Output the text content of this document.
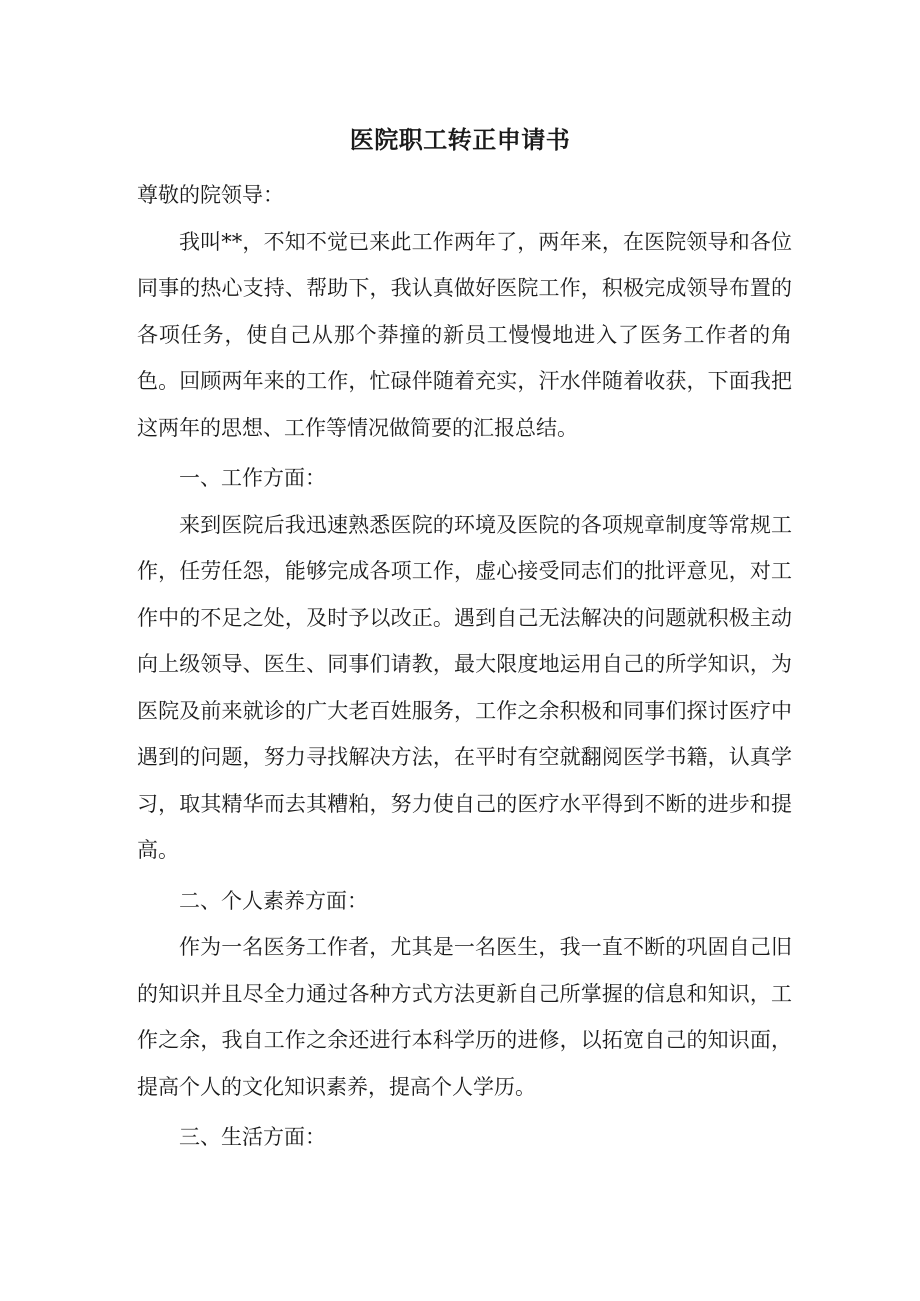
医院职工转正申请书

尊敬的院领导：

我叫**，不知不觉已来此工作两年了，两年来，在医院领导和各位同事的热心支持、帮助下，我认真做好医院工作，积极完成领导布置的各项任务，使自己从那个莽撞的新员工慢慢地进入了医务工作者的角色。回顾两年来的工作，忙碌伴随着充实，汗水伴随着收获，下面我把这两年的思想、工作等情况做简要的汇报总结。

一、工作方面：

来到医院后我迅速熟悉医院的环境及医院的各项规章制度等常规工作，任劳任怨，能够完成各项工作，虚心接受同志们的批评意见，对工作中的不足之处，及时予以改正。遇到自己无法解决的问题就积极主动向上级领导、医生、同事们请教，最大限度地运用自己的所学知识，为医院及前来就诊的广大老百姓服务，工作之余积极和同事们探讨医疗中遇到的问题，努力寻找解决方法，在平时有空就翻阅医学书籍，认真学习，取其精华而去其糟粕，努力使自己的医疗水平得到不断的进步和提高。

二、个人素养方面：

作为一名医务工作者，尤其是一名医生，我一直不断的巩固自己旧的知识并且尽全力通过各种方式方法更新自己所掌握的信息和知识，工作之余，我自工作之余还进行本科学历的进修，以拓宽自己的知识面，提高个人的文化知识素养，提高个人学历。

三、生活方面：
